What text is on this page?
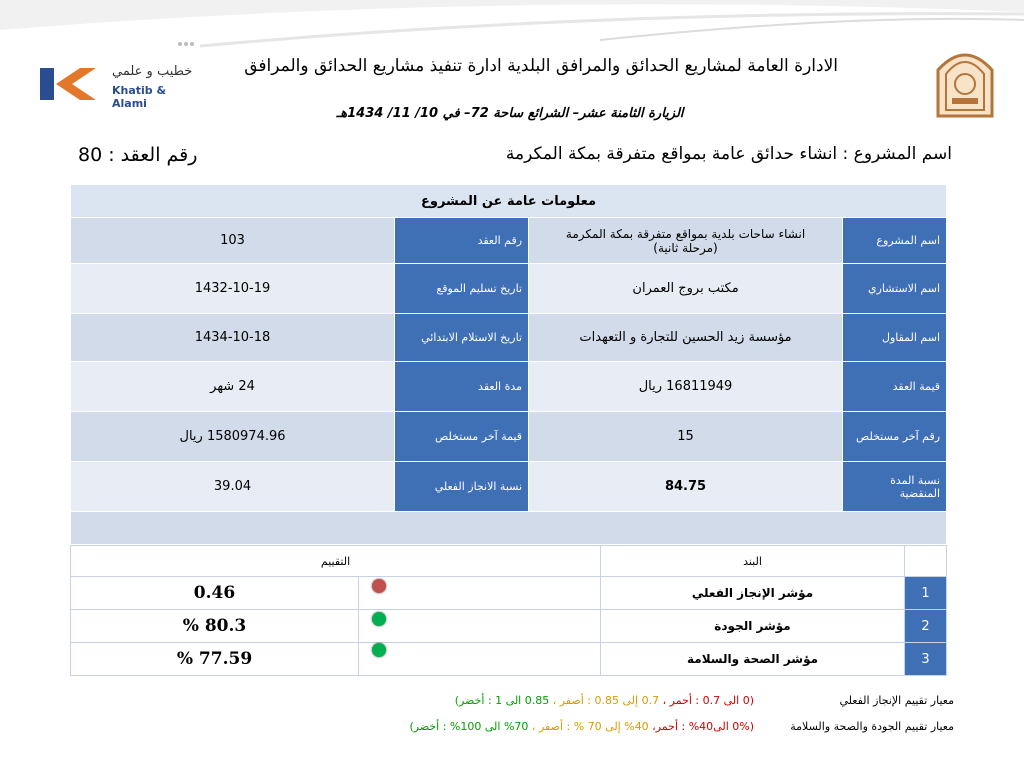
خطيب و علمي
Khatib & Alami
الادارة العامة لمشاريع الحدائق والمرافق البلدية ادارة تنفيذ مشاريع الحدائق والمرافق
الزيارة الثامنة عشر– الشرائع ساحة 72– في 10/ 11/ 1434هـ
اسم المشروع : انشاء حدائق عامة بمواقع متفرقة بمكة المكرمة
رقم العقد : 80
معلومات عامة عن المشروع			
اسم المشروع	انشاء ساحات بلدية بمواقع متفرقة بمكة المكرمة (مرحلة ثانية)	رقم العقد	103
اسم الاستشاري	مكتب بروج العمران	تاريخ تسليم الموقع	1432-10-19
اسم المقاول	مؤسسة زيد الحسين للتجارة و التعهدات	تاريخ الاستلام الابتدائي	1434-10-18
قيمة العقد	16811949 ريال	مدة العقد	24 شهر
رقم آخر مستخلص	15	قيمة آخر مستخلص	1580974.96 ريال
نسبة المدة المنقضية	84.75	نسبة الانجاز الفعلي	39.04

م	البند	التقييم	
1	مؤشر الإنجاز الفعلي		0.46
2	مؤشر الجودة		80.3 %
3	مؤشر الصحة والسلامة		77.59 %
معيار تقييم الإنجاز الفعلي
(0 الى 0.7 : أحمر ، 0.7 إلى 0.85 : أصفر ، 0.85 الى 1 : أخضر)
معيار تقييم الجودة والصحة والسلامة
(0% الى40% : أحمر، 40% إلى 70 % : أصفر ، 70% الى 100% : أخضر)
